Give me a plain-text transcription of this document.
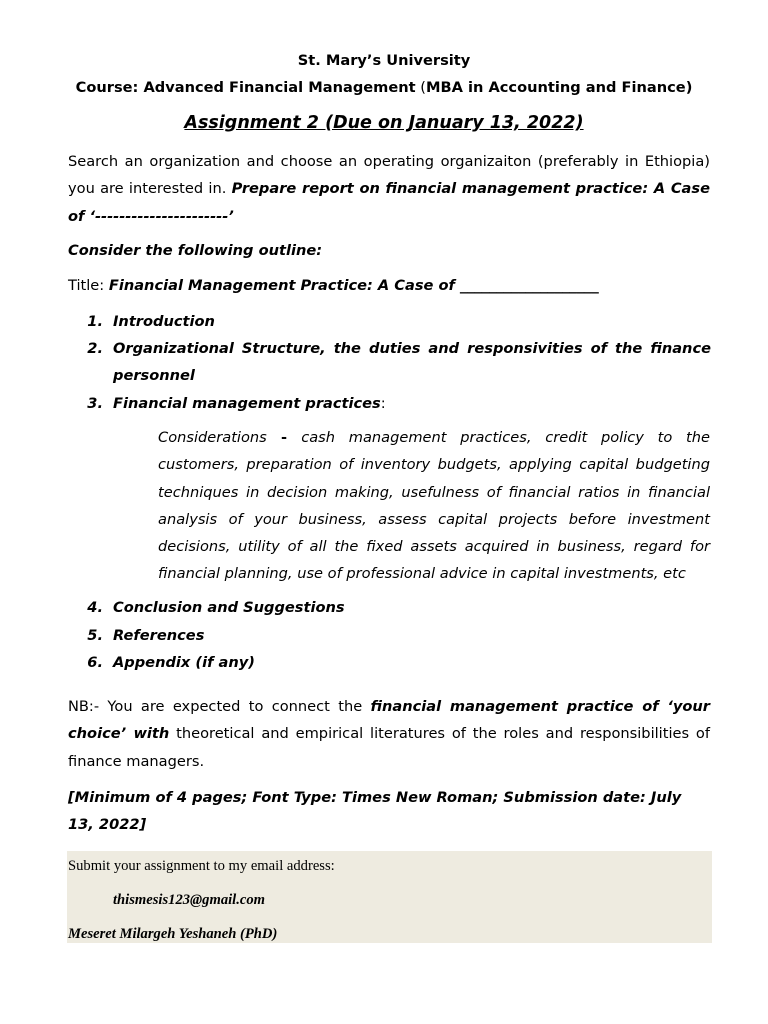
St. Mary’s University
Course: Advanced Financial Management (MBA in Accounting and Finance)
Assignment 2 (Due on January 13, 2022)
Search an organization and choose an operating organizaiton (preferably in Ethiopia) you are interested in. Prepare report on financial management practice: A Case of ‘----------------------’
Consider the following outline:
Title: Financial Management Practice: A Case of ___________________
1. Introduction
2. Organizational Structure, the duties and responsivities of the finance personnel
3. Financial management practices:
4. Conclusion and Suggestions
5. References
6. Appendix (if any)
Considerations - cash management practices, credit policy to the customers, preparation of inventory budgets, applying capital budgeting techniques in decision making, usefulness of financial ratios in financial analysis of your business, assess capital projects before investment decisions, utility of all the fixed assets acquired in business, regard for financial planning, use of professional advice in capital investments, etc
NB:- You are expected to connect the financial management practice of ‘your choice’ with theoretical and empirical literatures of the roles and responsibilities of finance managers.
[Minimum of 4 pages; Font Type: Times New Roman; Submission date: July 13, 2022]
Submit your assignment to my email address:
thismesis123@gmail.com
Meseret Milargeh Yeshaneh (PhD)
